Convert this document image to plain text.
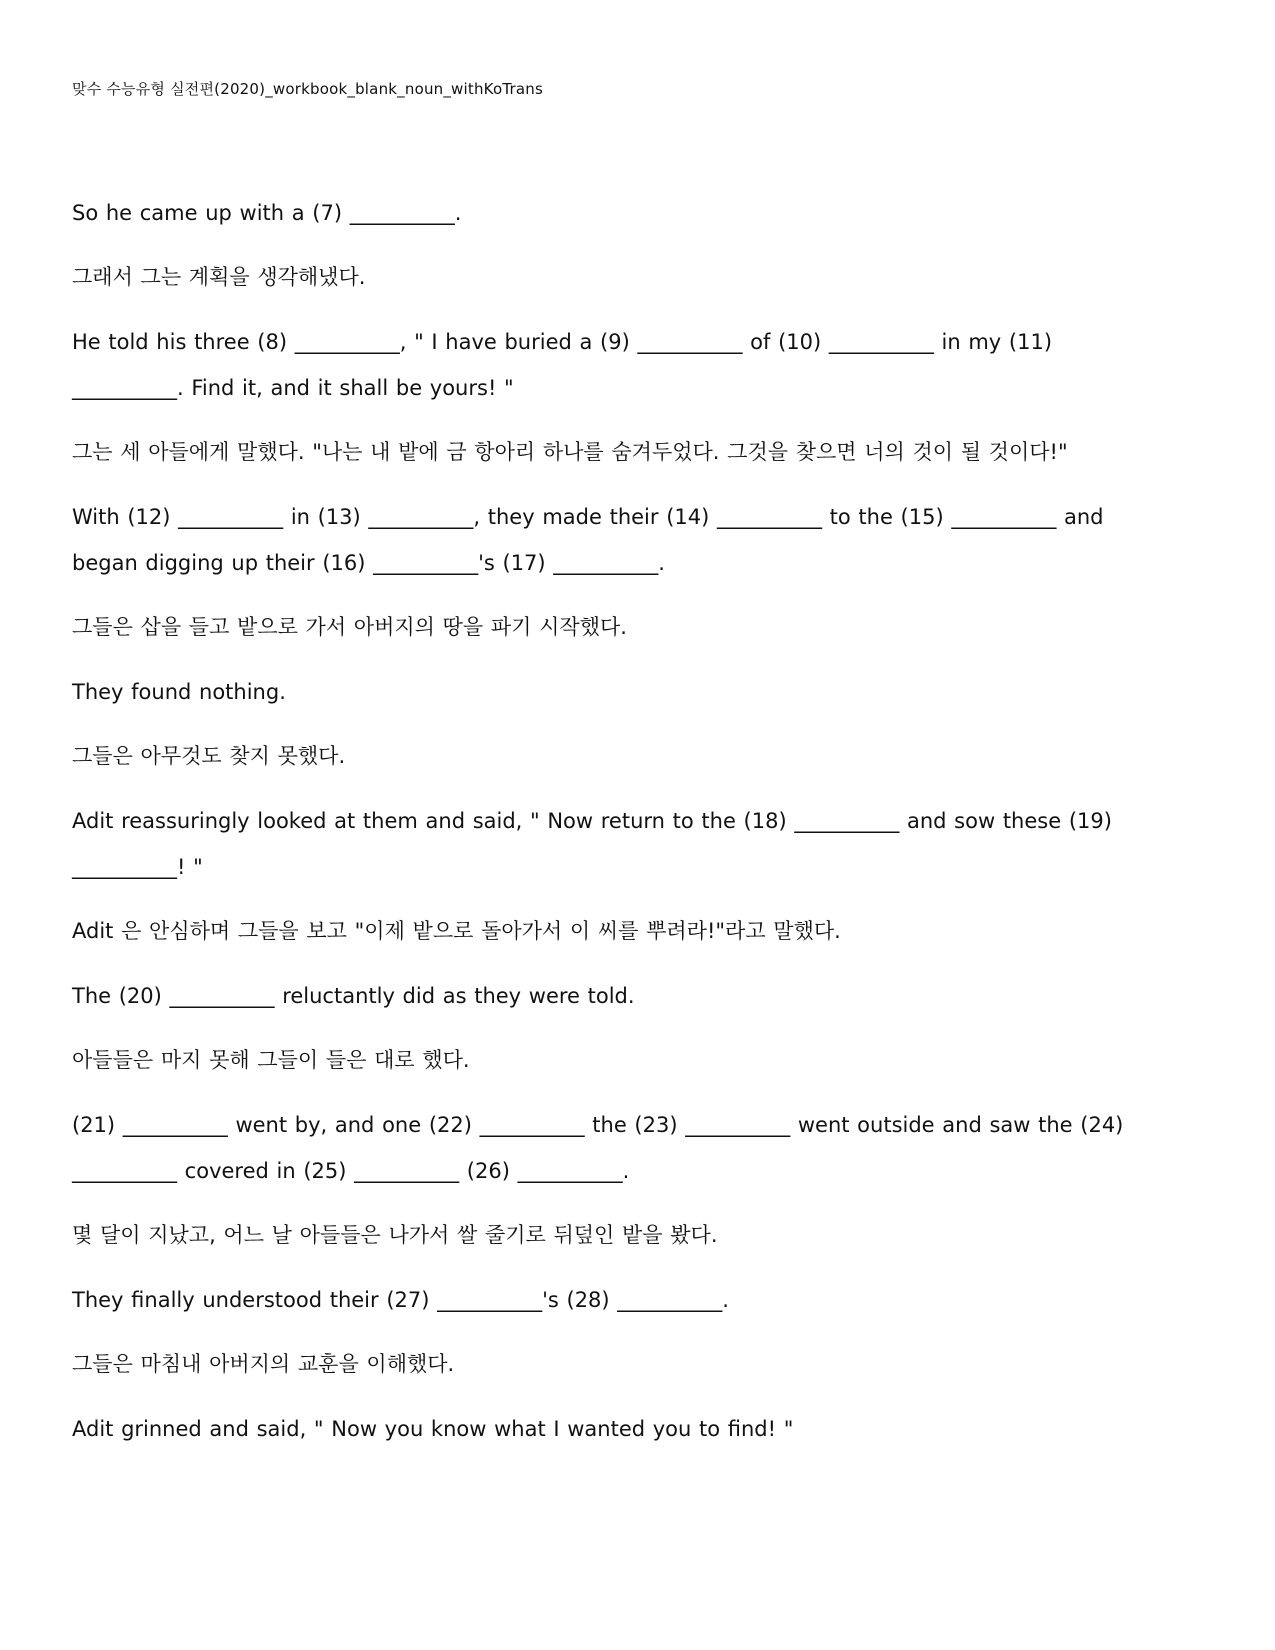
맞수 수능유형 실전편(2020)_workbook_blank_noun_withKoTrans

So he came up with a (7) __________.

그래서 그는 계획을 생각해냈다.

He told his three (8) __________, " I have buried a (9) __________ of (10) __________ in my (11) __________. Find it, and it shall be yours! "

그는 세 아들에게 말했다. "나는 내 밭에 금 항아리 하나를 숨겨두었다. 그것을 찾으면 너의 것이 될 것이다!"

With (12) __________ in (13) __________, they made their (14) __________ to the (15) __________ and began digging up their (16) __________'s (17) __________.

그들은 삽을 들고 밭으로 가서 아버지의 땅을 파기 시작했다.

They found nothing.

그들은 아무것도 찾지 못했다.

Adit reassuringly looked at them and said, " Now return to the (18) __________ and sow these (19) __________! "

Adit 은 안심하며 그들을 보고 "이제 밭으로 돌아가서 이 씨를 뿌려라!"라고 말했다.

The (20) __________ reluctantly did as they were told.

아들들은 마지 못해 그들이 들은 대로 했다.

(21) __________ went by, and one (22) __________ the (23) __________ went outside and saw the (24) __________ covered in (25) __________ (26) __________.

몇 달이 지났고, 어느 날 아들들은 나가서 쌀 줄기로 뒤덮인 밭을 봤다.

They finally understood their (27) __________'s (28) __________.

그들은 마침내 아버지의 교훈을 이해했다.

Adit grinned and said, " Now you know what I wanted you to find! "
